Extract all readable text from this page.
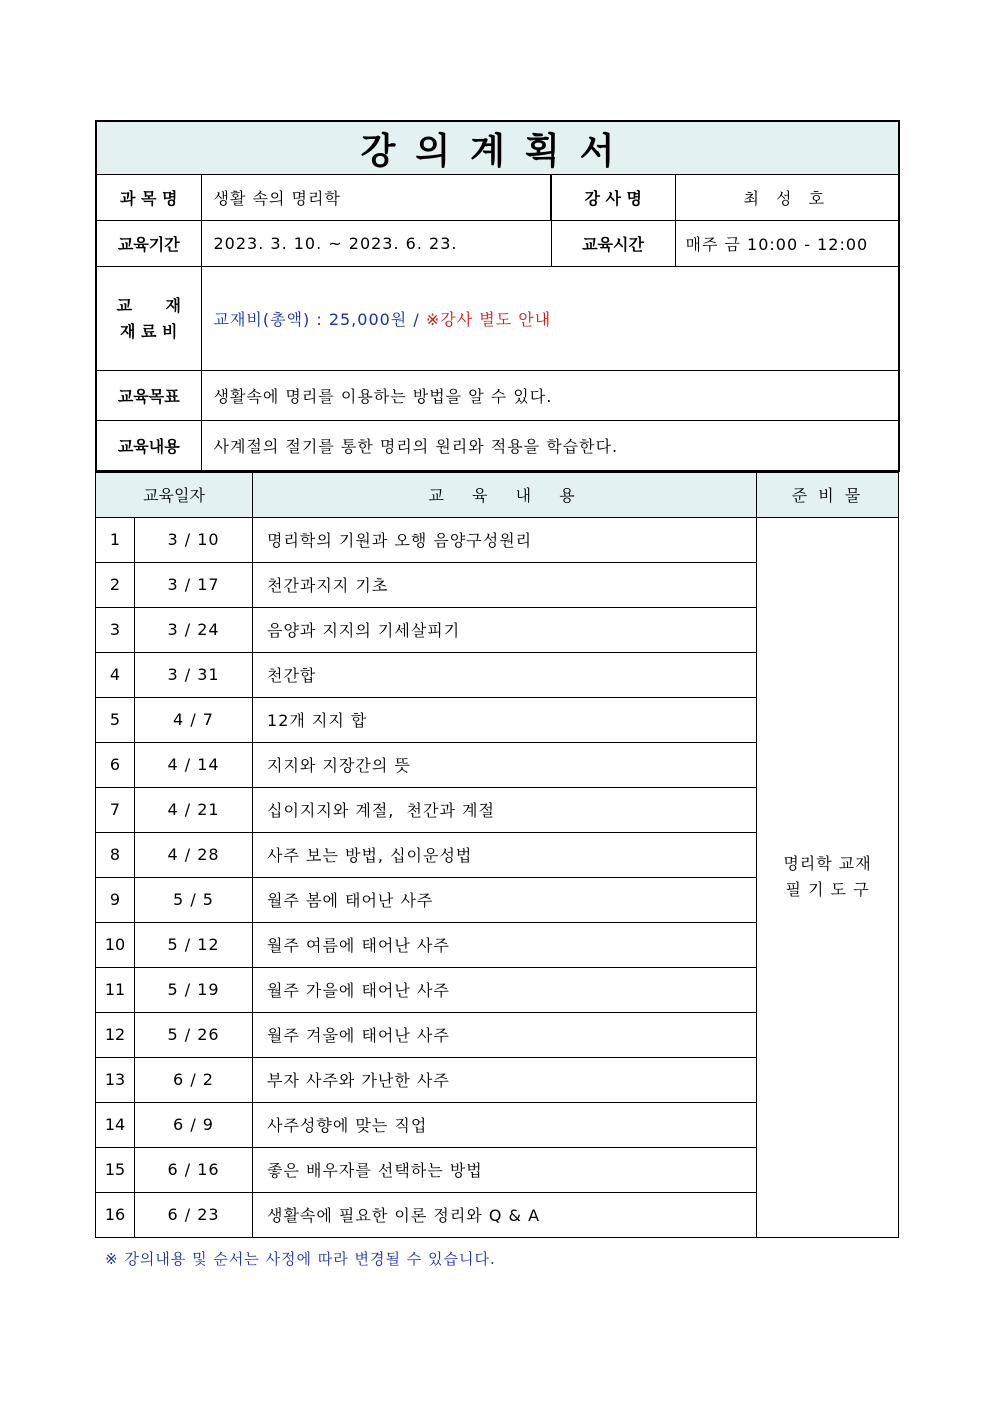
강의계획서			
과 목 명	생활 속의 명리학	강 사 명	최 성 호
교육기간	2023. 3. 10. ~ 2023. 6. 23.	교육시간	매주 금 10:00 - 12:00

교      재
재 료 비	교재비(총액) : 25,000원 / ※강사 별도 안내		
교육목표	생활속에 명리를 이용하는 방법을 알 수 있다.		
교육내용	사계절의 절기를 통한 명리의 원리와 적용을 학습한다.		
교육일자		교  육  내  용	준 비 물
1	3 / 10	명리학의 기원과 오행 음양구성원리	명리학 교재
필 기 도 구

2	3 / 17	천간과지지 기초	
3	3 / 24	음양과 지지의 기세살피기	
4	3 / 31	천간합	
5	4 / 7	12개 지지 합	
6	4 / 14	지지와 지장간의 뜻	
7	4 / 21	십이지지와 계절,  천간과 계절	
8	4 / 28	사주 보는 방법, 십이운성법	
9	5 / 5	월주 봄에 태어난 사주	
10	5 / 12	월주 여름에 태어난 사주	
11	5 / 19	월주 가을에 태어난 사주	
12	5 / 26	월주 겨울에 태어난 사주	
13	6 / 2	부자 사주와 가난한 사주	
14	6 / 9	사주성향에 맞는 직업	
15	6 / 16	좋은 배우자를 선택하는 방법	
16	6 / 23	생활속에 필요한 이론 정리와 Q & A	
※ 강의내용 및 순서는 사정에 따라 변경될 수 있습니다.
